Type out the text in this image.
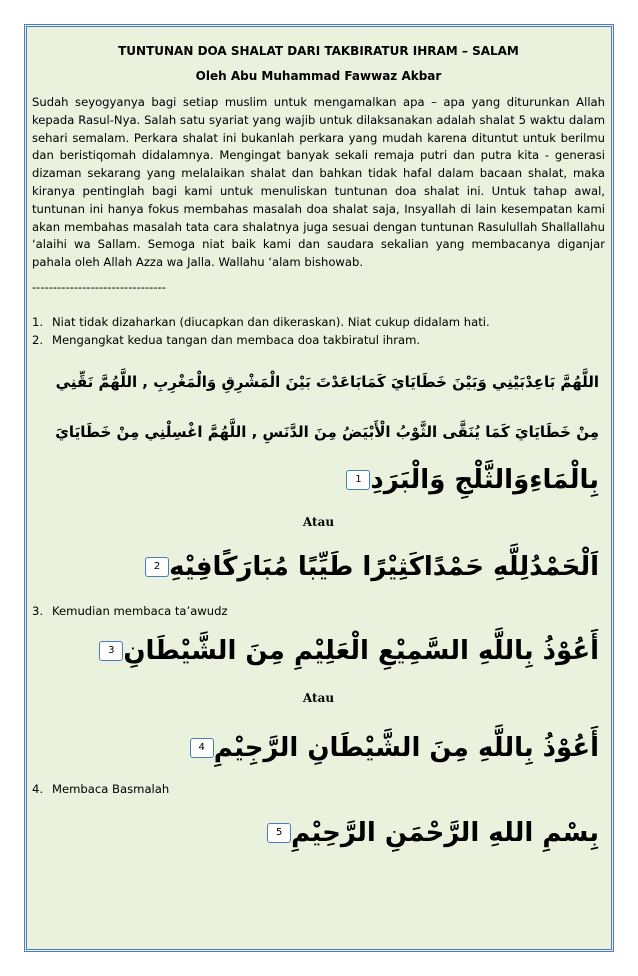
TUNTUNAN DOA SHALAT DARI TAKBIRATUR IHRAM – SALAM
Oleh Abu Muhammad Fawwaz Akbar
Sudah seyogyanya bagi setiap muslim untuk mengamalkan apa – apa yang diturunkan Allah kepada Rasul-Nya. Salah satu syariat yang wajib untuk dilaksanakan adalah shalat 5 waktu dalam sehari semalam. Perkara shalat ini bukanlah perkara yang mudah karena dituntut untuk berilmu dan beristiqomah didalamnya. Mengingat banyak sekali remaja putri dan putra kita - generasi dizaman sekarang yang melalaikan shalat dan bahkan tidak hafal dalam bacaan shalat, maka kiranya pentinglah bagi kami untuk menuliskan tuntunan doa shalat ini. Untuk tahap awal, tuntunan ini hanya fokus membahas masalah doa shalat saja, Insyallah di lain kesempatan kami akan membahas masalah tata cara shalatnya juga sesuai dengan tuntunan Rasulullah Shallallahu ‘alaihi wa Sallam. Semoga niat baik kami dan saudara sekalian yang membacanya diganjar pahala oleh Allah Azza wa Jalla. Wallahu ‘alam bishowab.
--------------------------------
1. Niat tidak dizaharkan (diucapkan dan dikeraskan). Niat cukup didalam hati.
2. Mengangkat kedua tangan dan membaca doa takbiratul ihram.
اللَّهُمَّ بَاعِدْبَيْنِي وَبَيْنَ خَطَايَايَ كَمَابَاعَدْتَ بَيْنَ الْمَشْرِقِ وَالْمَغْرِبِ , اللَّهُمَّ نَقِّنِي
مِنْ خَطَايَايَ كَمَا يُنَقَّى الثَّوْبُ الْأَبْيَضُ مِنَ الدَّنَسِ , اللَّهُمَّ اغْسِلْنِي مِنْ خَطَايَايَ
بِالْمَاءِوَالثَّلْجِ وَالْبَرَدِ1
Atau
اَلْحَمْدُلِلَّهِ حَمْدًاكَثِيْرًا طَيِّبًا مُبَارَكًافِيْهِ2
3. Kemudian membaca ta’awudz
أَعُوْذُ بِاللَّهِ السَّمِيْعِ الْعَلِيْمِ مِنَ الشَّيْطَانِ3
Atau
أَعُوْذُ بِاللَّهِ مِنَ الشَّيْطَانِ الرَّجِيْمِ4
4. Membaca Basmalah
بِسْمِ اللهِ الرَّحْمَنِ الرَّحِيْمِ5
